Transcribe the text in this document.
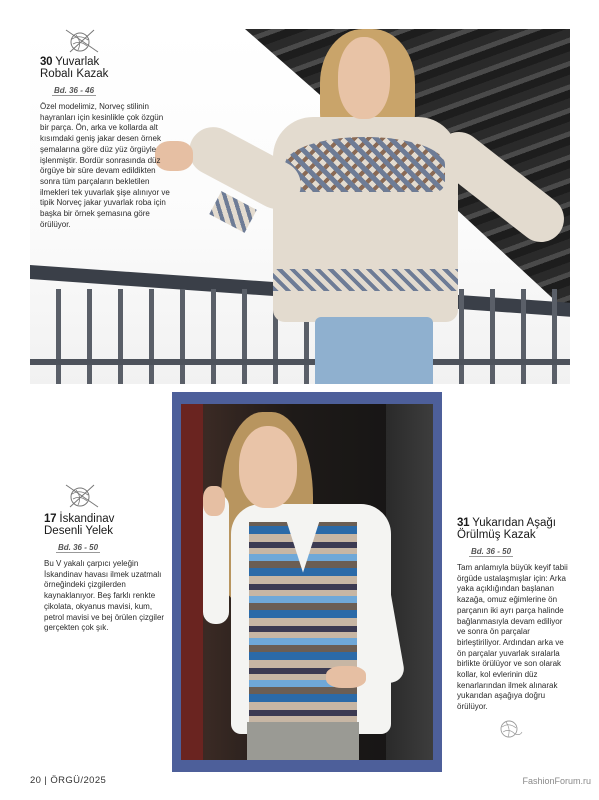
30 Yuvarlak
Robalı Kazak
Bd. 36 - 46
Özel modelimiz, Norveç stilinin hayranları için kesinlikle çok özgün bir parça. Ön, arka ve kollarda alt kısımdaki geniş jakar desen örnek şemalarına göre düz yüz örgüyle işlenmiştir. Bordür sonrasında düz örgüye bir süre devam edildikten sonra tüm parçaların bekletilen ilmekleri tek yuvarlak şişe alınıyor ve tipik Norveç jakar yuvarlak roba için başka bir örnek şemasına göre örülüyor.
17 İskandinav
Desenli Yelek
Bd. 36 - 50
Bu V yakalı çarpıcı yeleğin İskandinav havası ilmek uzatmalı örneğindeki çizgilerden kaynaklanıyor. Beş farklı renkte çikolata, okyanus mavisi, kum, petrol mavisi ve bej örülen çizgiler gerçekten çok şık.
31 Yukarıdan Aşağı
Örülmüş Kazak
Bd. 36 - 50
Tam anlamıyla büyük keyif tabii örgüde ustalaşmışlar için: Arka yaka açıklığından başlanan kazağa, omuz eğimlerine ön parçanın iki ayrı parça halinde bağlanmasıyla devam ediliyor ve sonra ön parçalar birleştiriliyor. Ardından arka ve ön parçalar yuvarlak sıralarla birlikte örülüyor ve son olarak kollar, kol evlerinin düz kenarlarından ilmek alınarak yukarıdan aşağıya doğru örülüyor.
20 | ÖRGÜ/2025	FashionForum.ru
